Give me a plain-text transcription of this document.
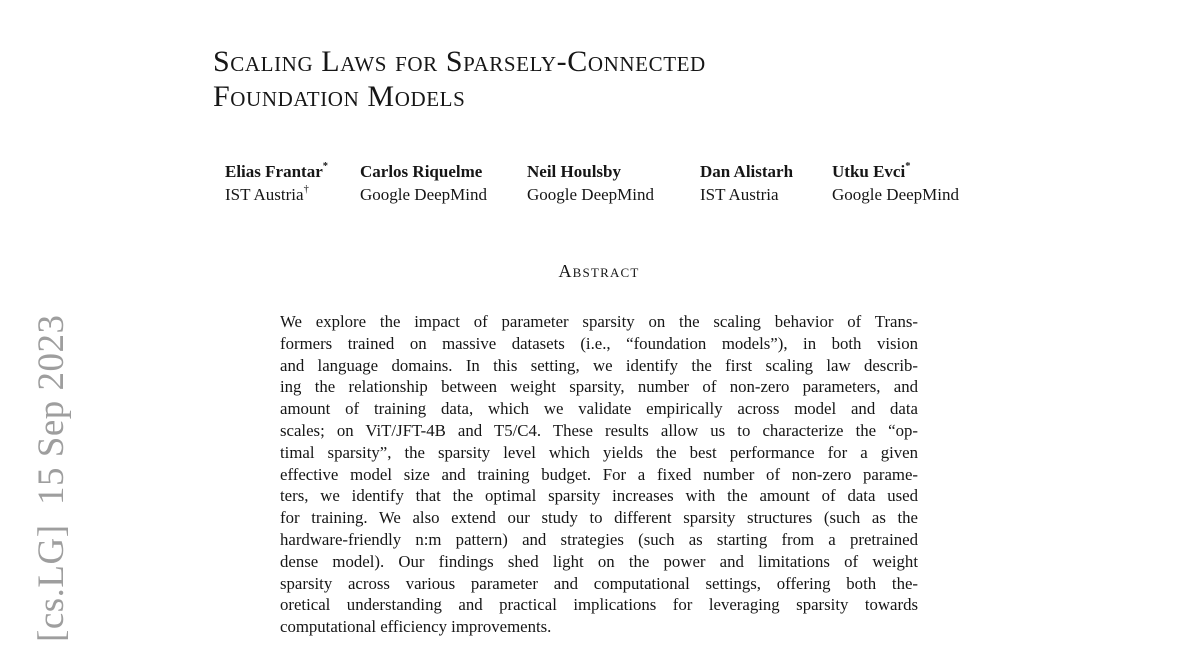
Scaling Laws for Sparsely-Connected
Foundation Models
Elias Frantar*
IST Austria†
Carlos Riquelme
Google DeepMind
Neil Houlsby
Google DeepMind
Dan Alistarh
IST Austria
Utku Evci*
Google DeepMind
Abstract
We explore the impact of parameter sparsity on the scaling behavior of Trans-
formers trained on massive datasets (i.e., “foundation models”), in both vision
and language domains. In this setting, we identify the first scaling law describ-
ing the relationship between weight sparsity, number of non-zero parameters, and
amount of training data, which we validate empirically across model and data
scales; on ViT/JFT-4B and T5/C4. These results allow us to characterize the “op-
timal sparsity”, the sparsity level which yields the best performance for a given
effective model size and training budget. For a fixed number of non-zero parame-
ters, we identify that the optimal sparsity increases with the amount of data used
for training. We also extend our study to different sparsity structures (such as the
hardware-friendly n:m pattern) and strategies (such as starting from a pretrained
dense model). Our findings shed light on the power and limitations of weight
sparsity across various parameter and computational settings, offering both the-
oretical understanding and practical implications for leveraging sparsity towards
computational efficiency improvements.
[cs.LG]  15 Sep 2023
